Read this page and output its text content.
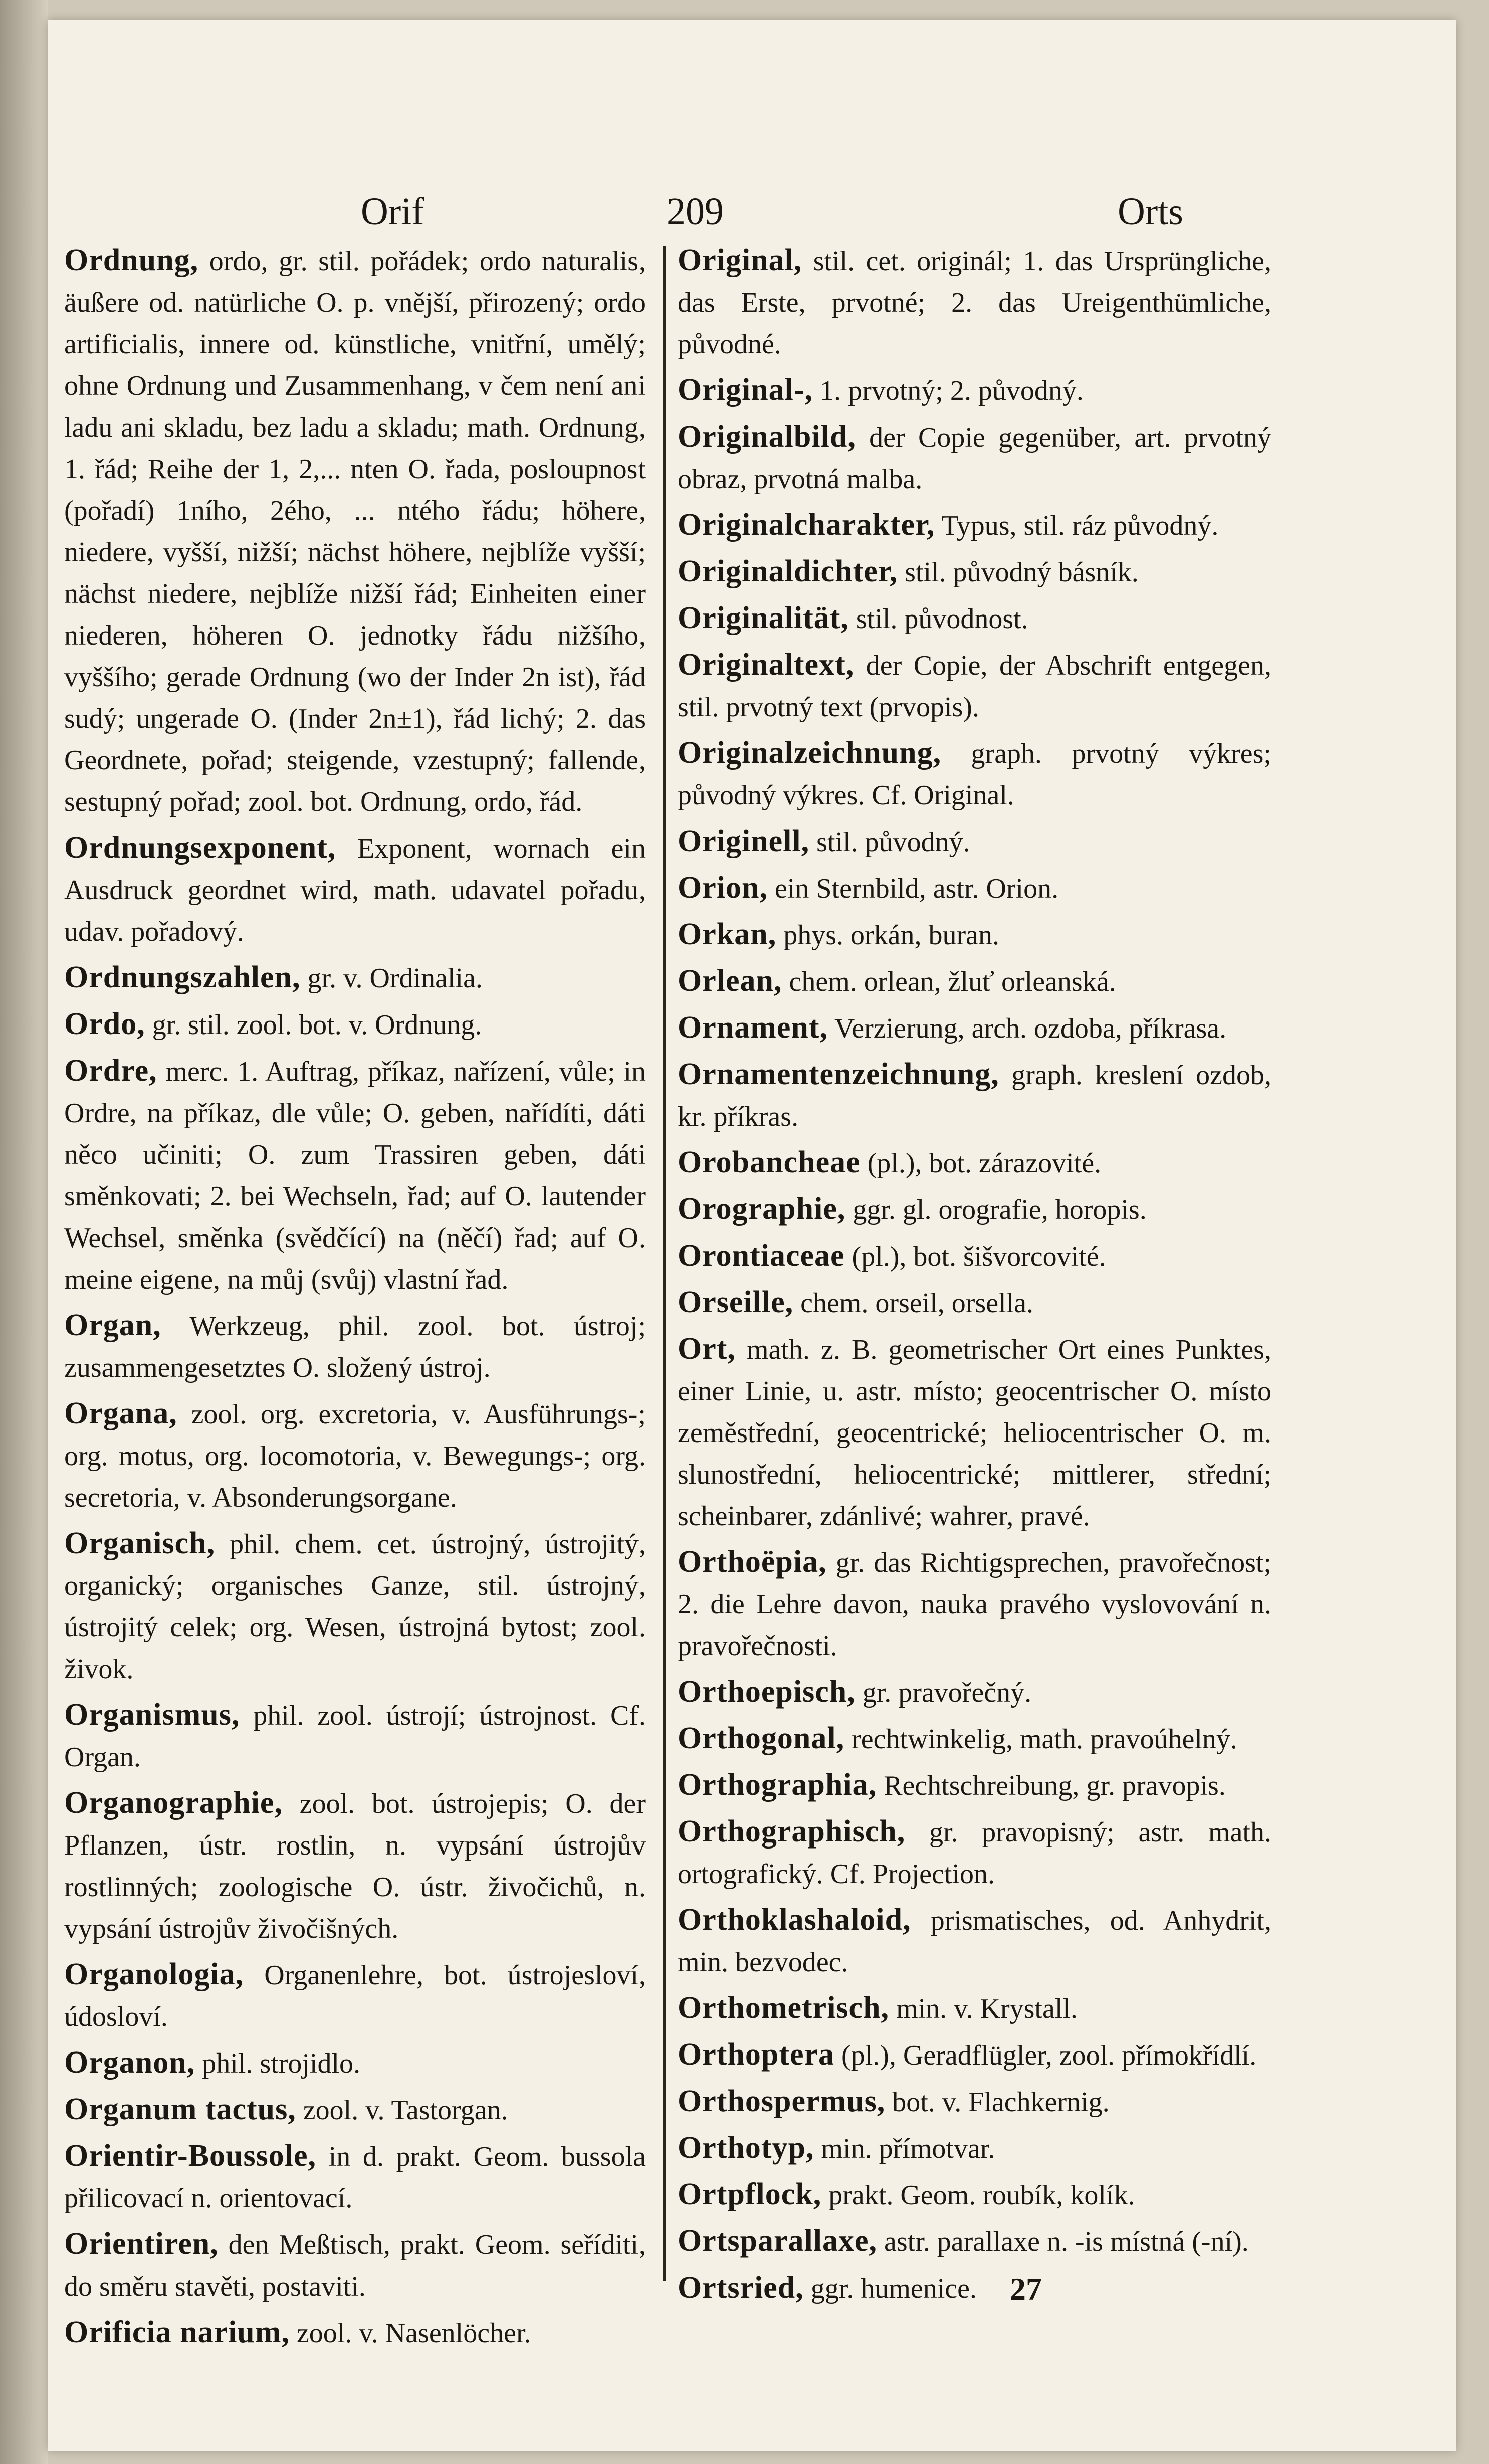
Orif	209	Orts
Ordnung, ordo, gr. stil. pořádek; ordo naturalis, äußere od. natürliche O. p. vnější, přirozený; ordo artificialis, innere od. künstliche, vnitřní, umělý; ohne Ordnung und Zusammenhang, v čem není ani ladu ani skladu, bez ladu a skladu; math. Ordnung, 1. řád; Reihe der 1, 2,... nten O. řada, posloupnost (pořadí) 1ního, 2ého, ... ntého řádu; höhere, niedere, vyšší, nižší; nächst höhere, nejblíže vyšší; nächst niedere, nejblíže nižší řád; Einheiten einer niederen, höheren O. jednotky řádu nižšího, vyššího; gerade Ordnung (wo der Inder 2n ist), řád sudý; ungerade O. (Inder 2n±1), řád lichý; 2. das Geordnete, pořad; steigende, vzestupný; fallende, sestupný pořad; zool. bot. Ordnung, ordo, řád.
Ordnungsexponent, Exponent, wornach ein Ausdruck geordnet wird, math. udavatel pořadu, udav. pořadový.
Ordnungszahlen, gr. v. Ordinalia.
Ordo, gr. stil. zool. bot. v. Ordnung.
Ordre, merc. 1. Auftrag, příkaz, nařízení, vůle; in Ordre, na příkaz, dle vůle; O. geben, nařídíti, dáti něco učiniti; O. zum Trassiren geben, dáti směnkovati; 2. bei Wechseln, řad; auf O. lautender Wechsel, směnka (svědčící) na (něčí) řad; auf O. meine eigene, na můj (svůj) vlastní řad.
Organ, Werkzeug, phil. zool. bot. ústroj; zusammengesetztes O. složený ústroj.
Organa, zool. org. excretoria, v. Ausführungs-; org. motus, org. locomotoria, v. Bewegungs-; org. secretoria, v. Absonderungsorgane.
Organisch, phil. chem. cet. ústrojný, ústrojitý, organický; organisches Ganze, stil. ústrojný, ústrojitý celek; org. Wesen, ústrojná bytost; zool. živok.
Organismus, phil. zool. ústrojí; ústrojnost. Cf. Organ.
Organographie, zool. bot. ústrojepis; O. der Pflanzen, ústr. rostlin, n. vypsání ústrojův rostlinných; zoologische O. ústr. živočichů, n. vypsání ústrojův živočišných.
Organologia, Organenlehre, bot. ústrojesloví, údosloví.
Organon, phil. strojidlo.
Organum tactus, zool. v. Tastorgan.
Orientir-Boussole, in d. prakt. Geom. bussola přilicovací n. orientovací.
Orientiren, den Meßtisch, prakt. Geom. seříditi, do směru stavěti, postaviti.
Orificia narium, zool. v. Nasenlöcher.
Original, stil. cet. originál; 1. das Ursprüngliche, das Erste, prvotné; 2. das Ureigenthümliche, původné.
Original-, 1. prvotný; 2. původný.
Originalbild, der Copie gegenüber, art. prvotný obraz, prvotná malba.
Originalcharakter, Typus, stil. ráz původný.
Originaldichter, stil. původný básník.
Originalität, stil. původnost.
Originaltext, der Copie, der Abschrift entgegen, stil. prvotný text (prvopis).
Originalzeichnung, graph. prvotný výkres; původný výkres. Cf. Original.
Originell, stil. původný.
Orion, ein Sternbild, astr. Orion.
Orkan, phys. orkán, buran.
Orlean, chem. orlean, žluť orleanská.
Ornament, Verzierung, arch. ozdoba, příkrasa.
Ornamentenzeichnung, graph. kreslení ozdob, kr. příkras.
Orobancheae (pl.), bot. zárazovité.
Orographie, ggr. gl. orografie, horopis.
Orontiaceae (pl.), bot. šišvorcovité.
Orseille, chem. orseil, orsella.
Ort, math. z. B. geometrischer Ort eines Punktes, einer Linie, u. astr. místo; geocentrischer O. místo zeměstřední, geocentrické; heliocentrischer O. m. slunostřední, heliocentrické; mittlerer, střední; scheinbarer, zdánlivé; wahrer, pravé.
Orthoëpia, gr. das Richtigsprechen, pravořečnost; 2. die Lehre davon, nauka pravého vyslovování n. pravořečnosti.
Orthoepisch, gr. pravořečný.
Orthogonal, rechtwinkelig, math. pravoúhelný.
Orthographia, Rechtschreibung, gr. pravopis.
Orthographisch, gr. pravopisný; astr. math. ortografický. Cf. Projection.
Orthoklashaloid, prismatisches, od. Anhydrit, min. bezvodec.
Orthometrisch, min. v. Krystall.
Orthoptera (pl.), Geradflügler, zool. přímokřídlí.
Orthospermus, bot. v. Flachkernig.
Orthotyp, min. přímotvar.
Ortpflock, prakt. Geom. roubík, kolík.
Ortsparallaxe, astr. parallaxe n. -is místná (-ní).
Ortsried, ggr. humenice.	27
